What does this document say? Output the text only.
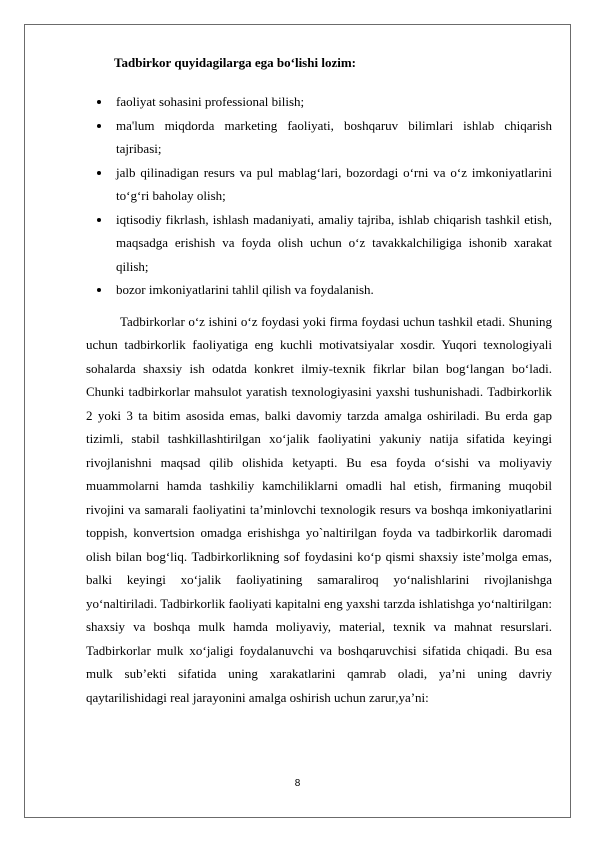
Tadbirkor quyidagilarga ega bo‘lishi lozim:
faoliyat sohasini professional bilish;
ma'lum miqdorda marketing faoliyati, boshqaruv bilimlari ishlab chiqarish tajribasi;
jalb qilinadigan resurs va pul mablag‘lari, bozordagi o‘rni va o‘z imkoniyatlarini to‘g‘ri baholay olish;
iqtisodiy fikrlash, ishlash madaniyati, amaliy tajriba, ishlab chiqarish tashkil etish, maqsadga erishish va foyda olish uchun o‘z tavakkalchiligiga ishonib xarakat qilish;
bozor imkoniyatlarini tahlil qilish va foydalanish.

Tadbirkorlar o‘z ishini o‘z foydasi yoki firma foydasi uchun tashkil etadi. Shuning uchun tadbirkorlik faoliyatiga eng kuchli motivatsiyalar xosdir. Yuqori texnologiyali sohalarda shaxsiy ish odatda konkret ilmiy-texnik fikrlar bilan bog‘langan bo‘ladi. Chunki tadbirkorlar mahsulot yaratish texnologiyasini yaxshi tushunishadi. Tadbirkorlik 2 yoki 3 ta bitim asosida emas, balki davomiy tarzda amalga oshiriladi. Bu erda gap tizimli, stabil tashkillashtirilgan xo‘jalik faoliyatini yakuniy natija sifatida keyingi rivojlanishni maqsad qilib olishida ketyapti. Bu esa foyda o‘sishi va moliyaviy muammolarni hamda tashkiliy kamchiliklarni omadli hal etish, firmaning muqobil rivojini va samarali faoliyatini ta’minlovchi texnologik resurs va boshqa imkoniyatlarini toppish, konvertsion omadga erishishga yo`naltirilgan foyda va tadbirkorlik daromadi olish bilan bog‘liq. Tadbirkorlikning sof foydasini ko‘p qismi shaxsiy iste’molga emas, balki keyingi xo‘jalik faoliyatining samaraliroq yo‘nalishlarini rivojlanishga yo‘naltiriladi. Tadbirkorlik faoliyati kapitalni eng yaxshi tarzda ishlatishga yo‘naltirilgan: shaxsiy va boshqa mulk hamda moliyaviy, material, texnik va mahnat resurslari. Tadbirkorlar mulk xo‘jaligi foydalanuvchi va boshqaruvchisi sifatida chiqadi. Bu esa mulk sub’ekti sifatida uning xarakatlarini qamrab oladi, ya’ni uning davriy qaytarilishidagi real jarayonini amalga oshirish uchun zarur,ya’ni:

8
